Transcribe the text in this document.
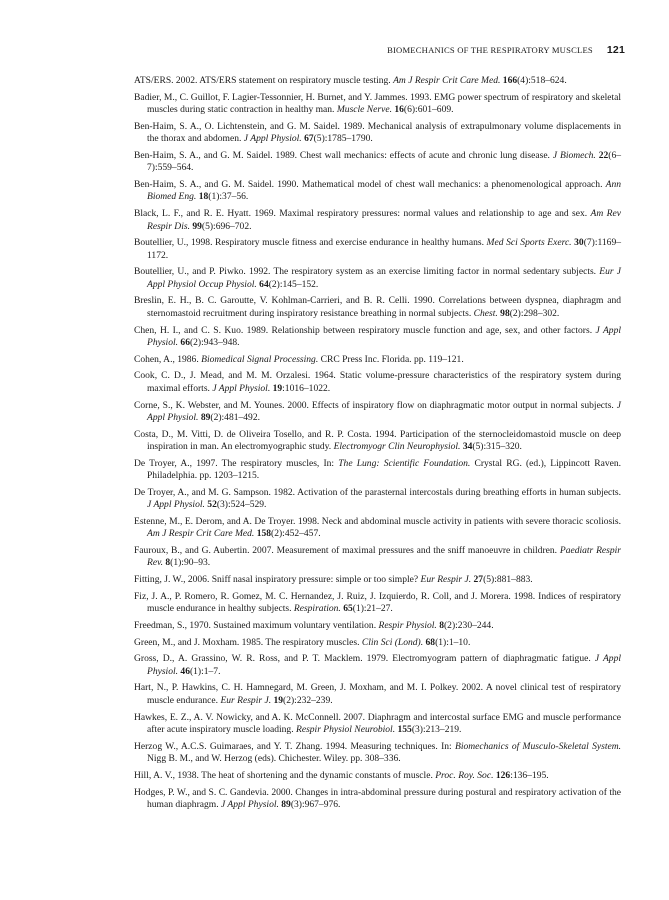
BIOMECHANICS OF THE RESPIRATORY MUSCLES 121
ATS/ERS. 2002. ATS/ERS statement on respiratory muscle testing. Am J Respir Crit Care Med. 166(4):518–624.
Badier, M., C. Guillot, F. Lagier-Tessonnier, H. Burnet, and Y. Jammes. 1993. EMG power spectrum of respiratory and skeletal muscles during static contraction in healthy man. Muscle Nerve. 16(6):601–609.
Ben-Haim, S. A., O. Lichtenstein, and G. M. Saidel. 1989. Mechanical analysis of extrapulmonary volume displacements in the thorax and abdomen. J Appl Physiol. 67(5):1785–1790.
Ben-Haim, S. A., and G. M. Saidel. 1989. Chest wall mechanics: effects of acute and chronic lung disease. J Biomech. 22(6–7):559–564.
Ben-Haim, S. A., and G. M. Saidel. 1990. Mathematical model of chest wall mechanics: a phenomenological approach. Ann Biomed Eng. 18(1):37–56.
Black, L. F., and R. E. Hyatt. 1969. Maximal respiratory pressures: normal values and relationship to age and sex. Am Rev Respir Dis. 99(5):696–702.
Boutellier, U., 1998. Respiratory muscle fitness and exercise endurance in healthy humans. Med Sci Sports Exerc. 30(7):1169–1172.
Boutellier, U., and P. Piwko. 1992. The respiratory system as an exercise limiting factor in normal sedentary subjects. Eur J Appl Physiol Occup Physiol. 64(2):145–152.
Breslin, E. H., B. C. Garoutte, V. Kohlman-Carrieri, and B. R. Celli. 1990. Correlations between dyspnea, diaphragm and sternomastoid recruitment during inspiratory resistance breathing in normal subjects. Chest. 98(2):298–302.
Chen, H. I., and C. S. Kuo. 1989. Relationship between respiratory muscle function and age, sex, and other factors. J Appl Physiol. 66(2):943–948.
Cohen, A., 1986. Biomedical Signal Processing. CRC Press Inc. Florida. pp. 119–121.
Cook, C. D., J. Mead, and M. M. Orzalesi. 1964. Static volume-pressure characteristics of the respiratory system during maximal efforts. J Appl Physiol. 19:1016–1022.
Corne, S., K. Webster, and M. Younes. 2000. Effects of inspiratory flow on diaphragmatic motor output in normal subjects. J Appl Physiol. 89(2):481–492.
Costa, D., M. Vitti, D. de Oliveira Tosello, and R. P. Costa. 1994. Participation of the sternocleidomastoid muscle on deep inspiration in man. An electromyographic study. Electromyogr Clin Neurophysiol. 34(5):315–320.
De Troyer, A., 1997. The respiratory muscles, In: The Lung: Scientific Foundation. Crystal RG. (ed.), Lippincott Raven. Philadelphia. pp. 1203–1215.
De Troyer, A., and M. G. Sampson. 1982. Activation of the parasternal intercostals during breathing efforts in human subjects. J Appl Physiol. 52(3):524–529.
Estenne, M., E. Derom, and A. De Troyer. 1998. Neck and abdominal muscle activity in patients with severe thoracic scoliosis. Am J Respir Crit Care Med. 158(2):452–457.
Fauroux, B., and G. Aubertin. 2007. Measurement of maximal pressures and the sniff manoeuvre in children. Paediatr Respir Rev. 8(1):90–93.
Fitting, J. W., 2006. Sniff nasal inspiratory pressure: simple or too simple? Eur Respir J. 27(5):881–883.
Fiz, J. A., P. Romero, R. Gomez, M. C. Hernandez, J. Ruiz, J. Izquierdo, R. Coll, and J. Morera. 1998. Indices of respiratory muscle endurance in healthy subjects. Respiration. 65(1):21–27.
Freedman, S., 1970. Sustained maximum voluntary ventilation. Respir Physiol. 8(2):230–244.
Green, M., and J. Moxham. 1985. The respiratory muscles. Clin Sci (Lond). 68(1):1–10.
Gross, D., A. Grassino, W. R. Ross, and P. T. Macklem. 1979. Electromyogram pattern of diaphragmatic fatigue. J Appl Physiol. 46(1):1–7.
Hart, N., P. Hawkins, C. H. Hamnegard, M. Green, J. Moxham, and M. I. Polkey. 2002. A novel clinical test of respiratory muscle endurance. Eur Respir J. 19(2):232–239.
Hawkes, E. Z., A. V. Nowicky, and A. K. McConnell. 2007. Diaphragm and intercostal surface EMG and muscle performance after acute inspiratory muscle loading. Respir Physiol Neurobiol. 155(3):213–219.
Herzog W., A.C.S. Guimaraes, and Y. T. Zhang. 1994. Measuring techniques. In: Biomechanics of Musculo-Skeletal System. Nigg B. M., and W. Herzog (eds). Chichester. Wiley. pp. 308–336.
Hill, A. V., 1938. The heat of shortening and the dynamic constants of muscle. Proc. Roy. Soc. 126:136–195.
Hodges, P. W., and S. C. Gandevia. 2000. Changes in intra-abdominal pressure during postural and respiratory activation of the human diaphragm. J Appl Physiol. 89(3):967–976.
